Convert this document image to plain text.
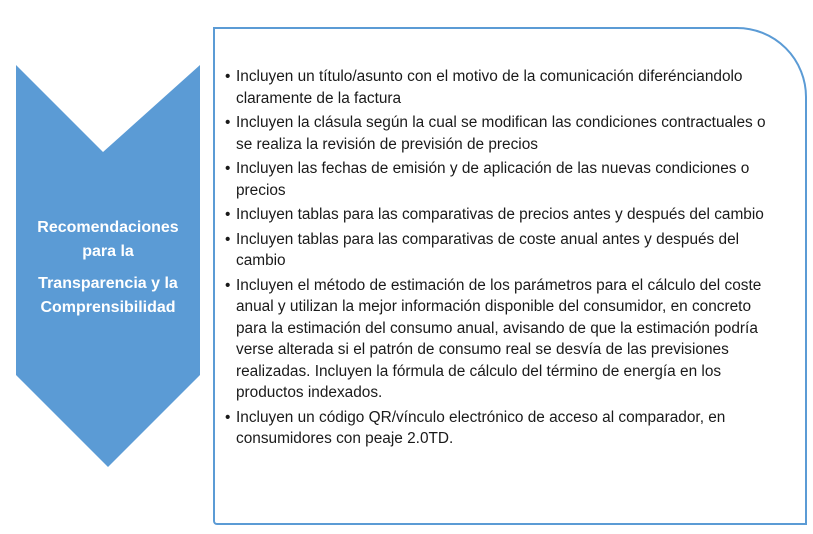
Recomendaciones
para la
Transparencia y la
Comprensibilidad
• Incluyen un título/asunto con el motivo de la comunicación diferénciandolo claramente de la factura
• Incluyen la clásula según la cual se modifican las condiciones contractuales o se realiza la revisión de previsión de precios
• Incluyen las fechas de emisión y de aplicación de las nuevas condiciones o precios
• Incluyen tablas para las comparativas de precios antes y después del cambio
• Incluyen tablas para las comparativas de coste anual antes y después del cambio
• Incluyen el método de estimación de los parámetros para el cálculo del coste anual y utilizan la mejor información disponible del consumidor, en concreto para la estimación del consumo anual, avisando de que la estimación podría verse alterada si el patrón de consumo real se desvía de las previsiones realizadas. Incluyen la fórmula de cálculo del término de energía en los productos indexados.
• Incluyen un código QR/vínculo electrónico de acceso al comparador, en consumidores con peaje 2.0TD.
